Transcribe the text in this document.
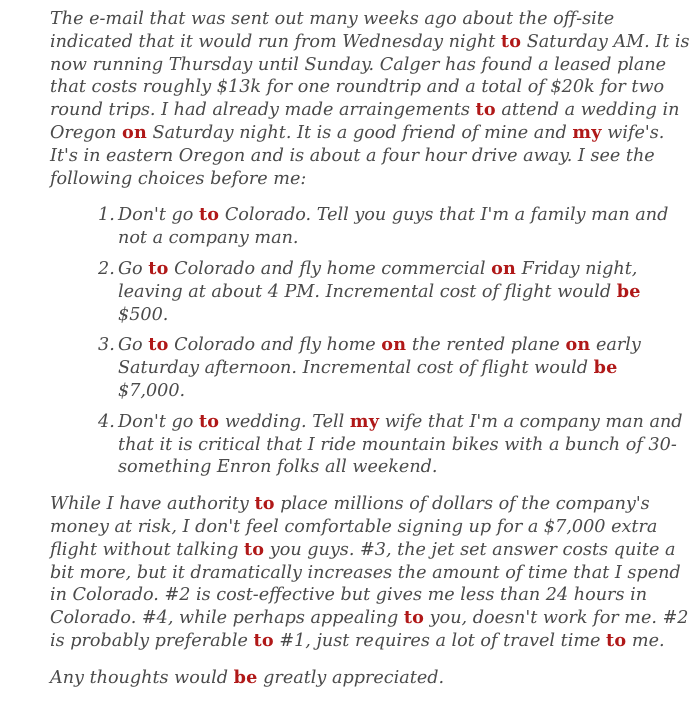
The e-mail that was sent out many weeks ago about the off-site indicated that it would run from Wednesday night to Saturday AM. It is now running Thursday until Sunday. Calger has found a leased plane that costs roughly $13k for one roundtrip and a total of $20k for two round trips. I had already made arraingements to attend a wedding in Oregon on Saturday night. It is a good friend of mine and my wife's. It's in eastern Oregon and is about a four hour drive away. I see the following choices before me:

1. Don't go to Colorado. Tell you guys that I'm a family man and not a company man.
2. Go to Colorado and fly home commercial on Friday night, leaving at about 4 PM. Incremental cost of flight would be $500.
3. Go to Colorado and fly home on the rented plane on early Saturday afternoon. Incremental cost of flight would be $7,000.
4. Don't go to wedding. Tell my wife that I'm a company man and that it is critical that I ride mountain bikes with a bunch of 30-something Enron folks all weekend.

While I have authority to place millions of dollars of the company's money at risk, I don't feel comfortable signing up for a $7,000 extra flight without talking to you guys. #3, the jet set answer costs quite a bit more, but it dramatically increases the amount of time that I spend in Colorado. #2 is cost-effective but gives me less than 24 hours in Colorado. #4, while perhaps appealing to you, doesn't work for me. #2 is probably preferable to #1, just requires a lot of travel time to me.

Any thoughts would be greatly appreciated.
